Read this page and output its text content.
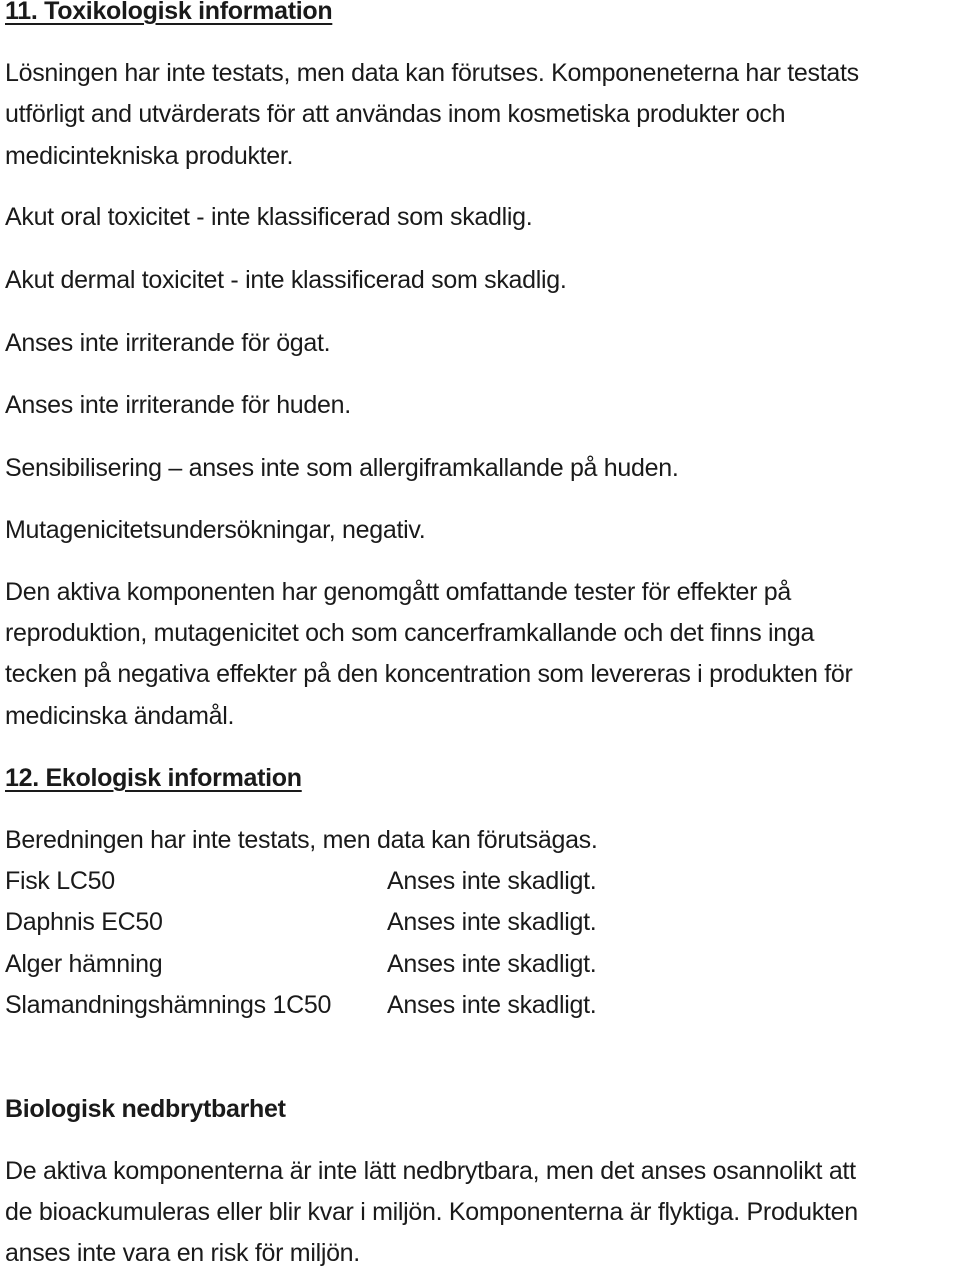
11. Toxikologisk information
Lösningen har inte testats, men data kan förutses. Komponeneterna har testats
utförligt and utvärderats för att användas inom kosmetiska produkter och
medicintekniska produkter.
Akut oral toxicitet - inte klassificerad som skadlig.
Akut dermal toxicitet - inte klassificerad som skadlig.
Anses inte irriterande för ögat.
Anses inte irriterande för huden.
Sensibilisering – anses inte som allergiframkallande på huden.
Mutagenicitetsundersökningar, negativ.
Den aktiva komponenten har genomgått omfattande tester för effekter på
reproduktion, mutagenicitet och som cancerframkallande och det finns inga
tecken på negativa effekter på den koncentration som levereras i produkten för
medicinska ändamål.
12. Ekologisk information
Beredningen har inte testats, men data kan förutsägas.
Fisk LC50	Anses inte skadligt.
Daphnis EC50	Anses inte skadligt.
Alger hämning	Anses inte skadligt.
Slamandningshämnings 1C50 Anses inte skadligt.
Biologisk nedbrytbarhet
De aktiva komponenterna är inte lätt nedbrytbara, men det anses osannolikt att
de bioackumuleras eller blir kvar i miljön. Komponenterna är flyktiga. Produkten
anses inte vara en risk för miljön.
